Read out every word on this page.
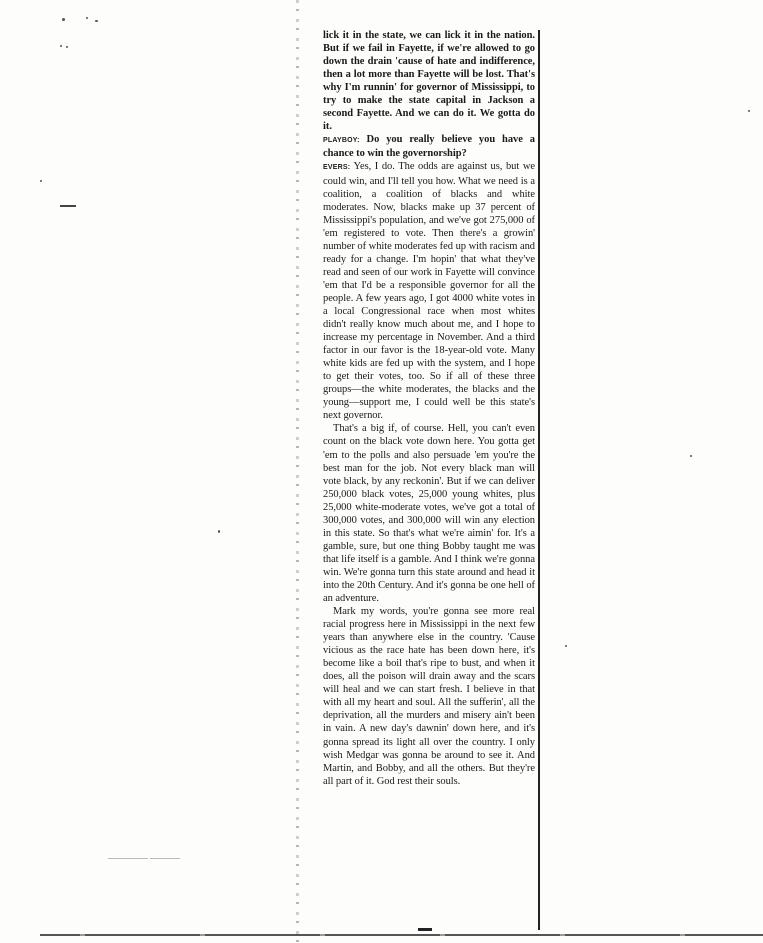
lick it in the state, we can lick it in the nation. But if we fail in Fayette, if we're allowed to go down the drain 'cause of hate and indifference, then a lot more than Fayette will be lost. That's why I'm runnin' for governor of Mississippi, to try to make the state capital in Jackson a second Fayette. And we can do it. We gotta do it.

PLAYBOY: Do you really believe you have a chance to win the governorship?

EVERS: Yes, I do. The odds are against us, but we could win, and I'll tell you how. What we need is a coalition, a coalition of blacks and white moderates. Now, blacks make up 37 percent of Mississippi's population, and we've got 275,000 of 'em registered to vote. Then there's a growin' number of white moderates fed up with racism and ready for a change. I'm hopin' that what they've read and seen of our work in Fayette will convince 'em that I'd be a responsible governor for all the people. A few years ago, I got 4000 white votes in a local Congressional race when most whites didn't really know much about me, and I hope to increase my percentage in November. And a third factor in our favor is the 18-year-old vote. Many white kids are fed up with the system, and I hope to get their votes, too. So if all of these three groups—the white moderates, the blacks and the young—support me, I could well be this state's next governor.

That's a big if, of course. Hell, you can't even count on the black vote down here. You gotta get 'em to the polls and also persuade 'em you're the best man for the job. Not every black man will vote black, by any reckonin'. But if we can deliver 250,000 black votes, 25,000 young whites, plus 25,000 white-moderate votes, we've got a total of 300,000 votes, and 300,000 will win any election in this state. So that's what we're aimin' for. It's a gamble, sure, but one thing Bobby taught me was that life itself is a gamble. And I think we're gonna win. We're gonna turn this state around and head it into the 20th Century. And it's gonna be one hell of an adventure.

Mark my words, you're gonna see more real racial progress here in Mississippi in the next few years than anywhere else in the country. 'Cause vicious as the race hate has been down here, it's become like a boil that's ripe to bust, and when it does, all the poison will drain away and the scars will heal and we can start fresh. I believe in that with all my heart and soul. All the sufferin', all the deprivation, all the murders and misery ain't been in vain. A new day's dawnin' down here, and it's gonna spread its light all over the country. I only wish Medgar was gonna be around to see it. And Martin, and Bobby, and all the others. But they're all part of it. God rest their souls.
